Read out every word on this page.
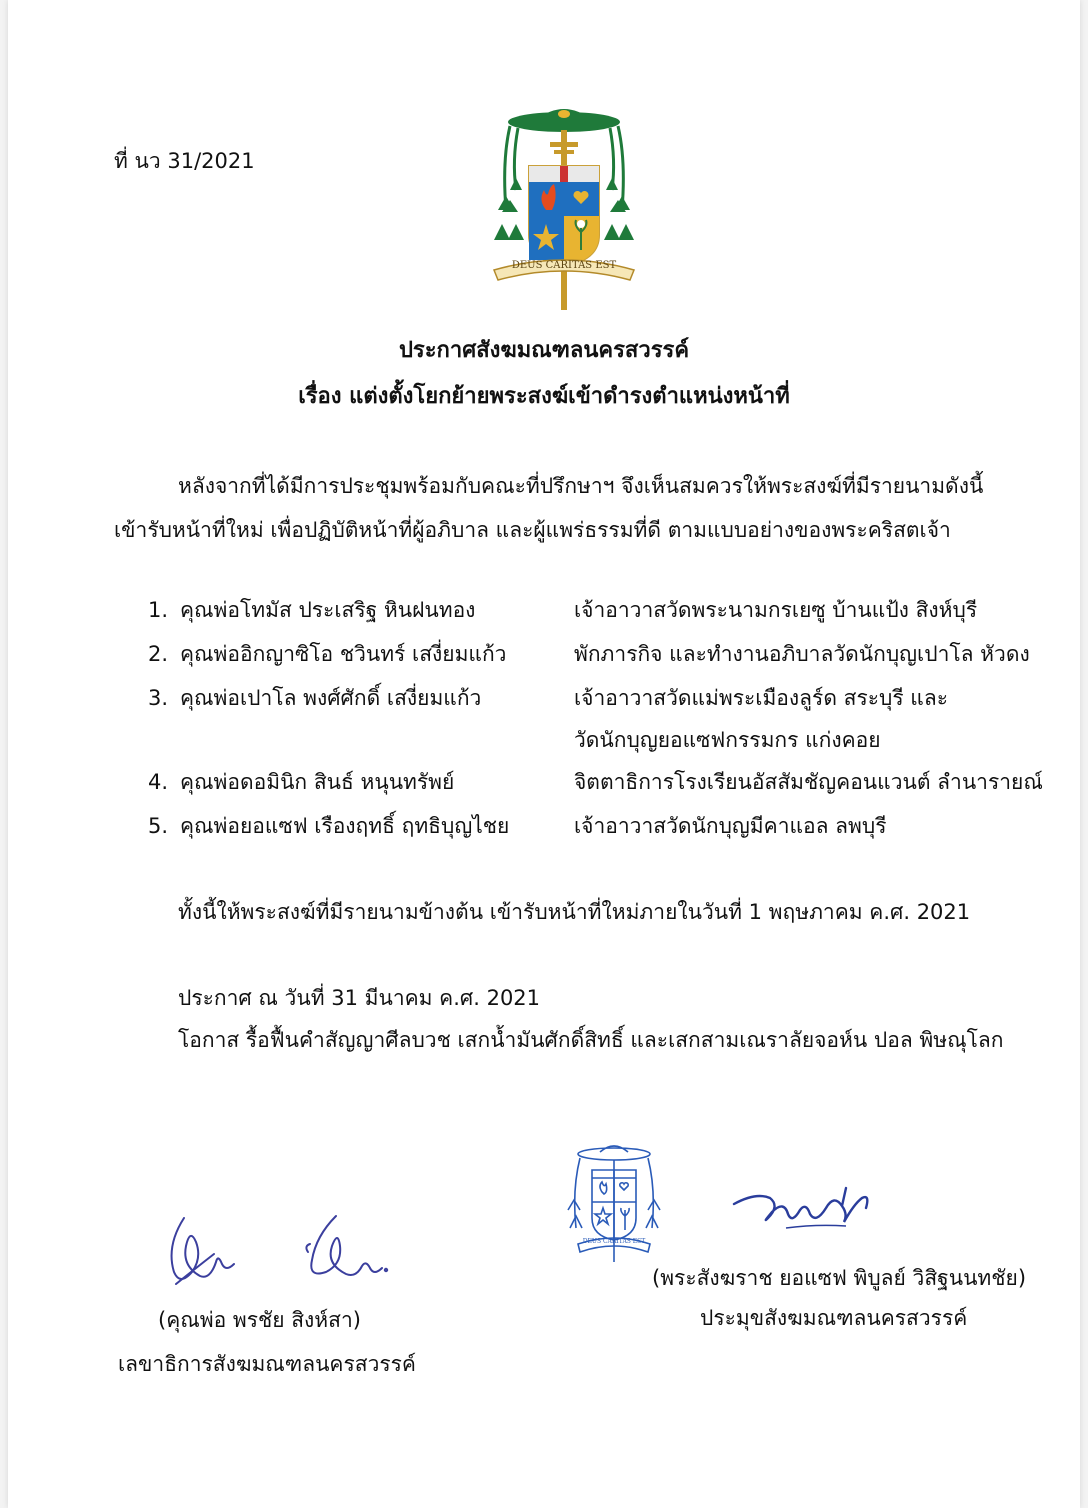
ที่ นว 31/2021
DEUS CARITAS EST
ประกาศสังฆมณฑลนครสวรรค์
เรื่อง แต่งตั้งโยกย้ายพระสงฆ์เข้าดำรงตำแหน่งหน้าที่
หลังจากที่ได้มีการประชุมพร้อมกับคณะที่ปรึกษาฯ จึงเห็นสมควรให้พระสงฆ์ที่มีรายนามดังนี้
เข้ารับหน้าที่ใหม่ เพื่อปฏิบัติหน้าที่ผู้อภิบาล และผู้แพร่ธรรมที่ดี ตามแบบอย่างของพระคริสตเจ้า
1. คุณพ่อโทมัส ประเสริฐ หินฝนทอง	เจ้าอาวาสวัดพระนามกรเยซู บ้านแป้ง สิงห์บุรี
2. คุณพ่ออิกญาซิโอ ชวินทร์ เสงี่ยมแก้ว	พักภารกิจ และทำงานอภิบาลวัดนักบุญเปาโล หัวดง
3. คุณพ่อเปาโล พงศ์ศักดิ์ เสงี่ยมแก้ว	เจ้าอาวาสวัดแม่พระเมืองลูร์ด สระบุรี และ
วัดนักบุญยอแซฟกรรมกร แก่งคอย
4. คุณพ่อดอมินิก สินธ์ หนุนทรัพย์	จิตตาธิการโรงเรียนอัสสัมชัญคอนแวนต์ ลำนารายณ์
5. คุณพ่อยอแซฟ เรืองฤทธิ์ ฤทธิบุญไชย	เจ้าอาวาสวัดนักบุญมีคาแอล ลพบุรี
ทั้งนี้ให้พระสงฆ์ที่มีรายนามข้างต้น เข้ารับหน้าที่ใหม่ภายในวันที่ 1 พฤษภาคม ค.ศ. 2021
ประกาศ ณ วันที่ 31 มีนาคม ค.ศ. 2021
โอกาส รื้อฟื้นคำสัญญาศีลบวช เสกน้ำมันศักดิ์สิทธิ์ และเสกสามเณราลัยจอห์น ปอล พิษณุโลก
DEUS CARITAS EST
(พระสังฆราช ยอแซฟ พิบูลย์ วิสิฐนนทชัย)
ประมุขสังฆมณฑลนครสวรรค์
(คุณพ่อ พรชัย สิงห์สา)
เลขาธิการสังฆมณฑลนครสวรรค์
